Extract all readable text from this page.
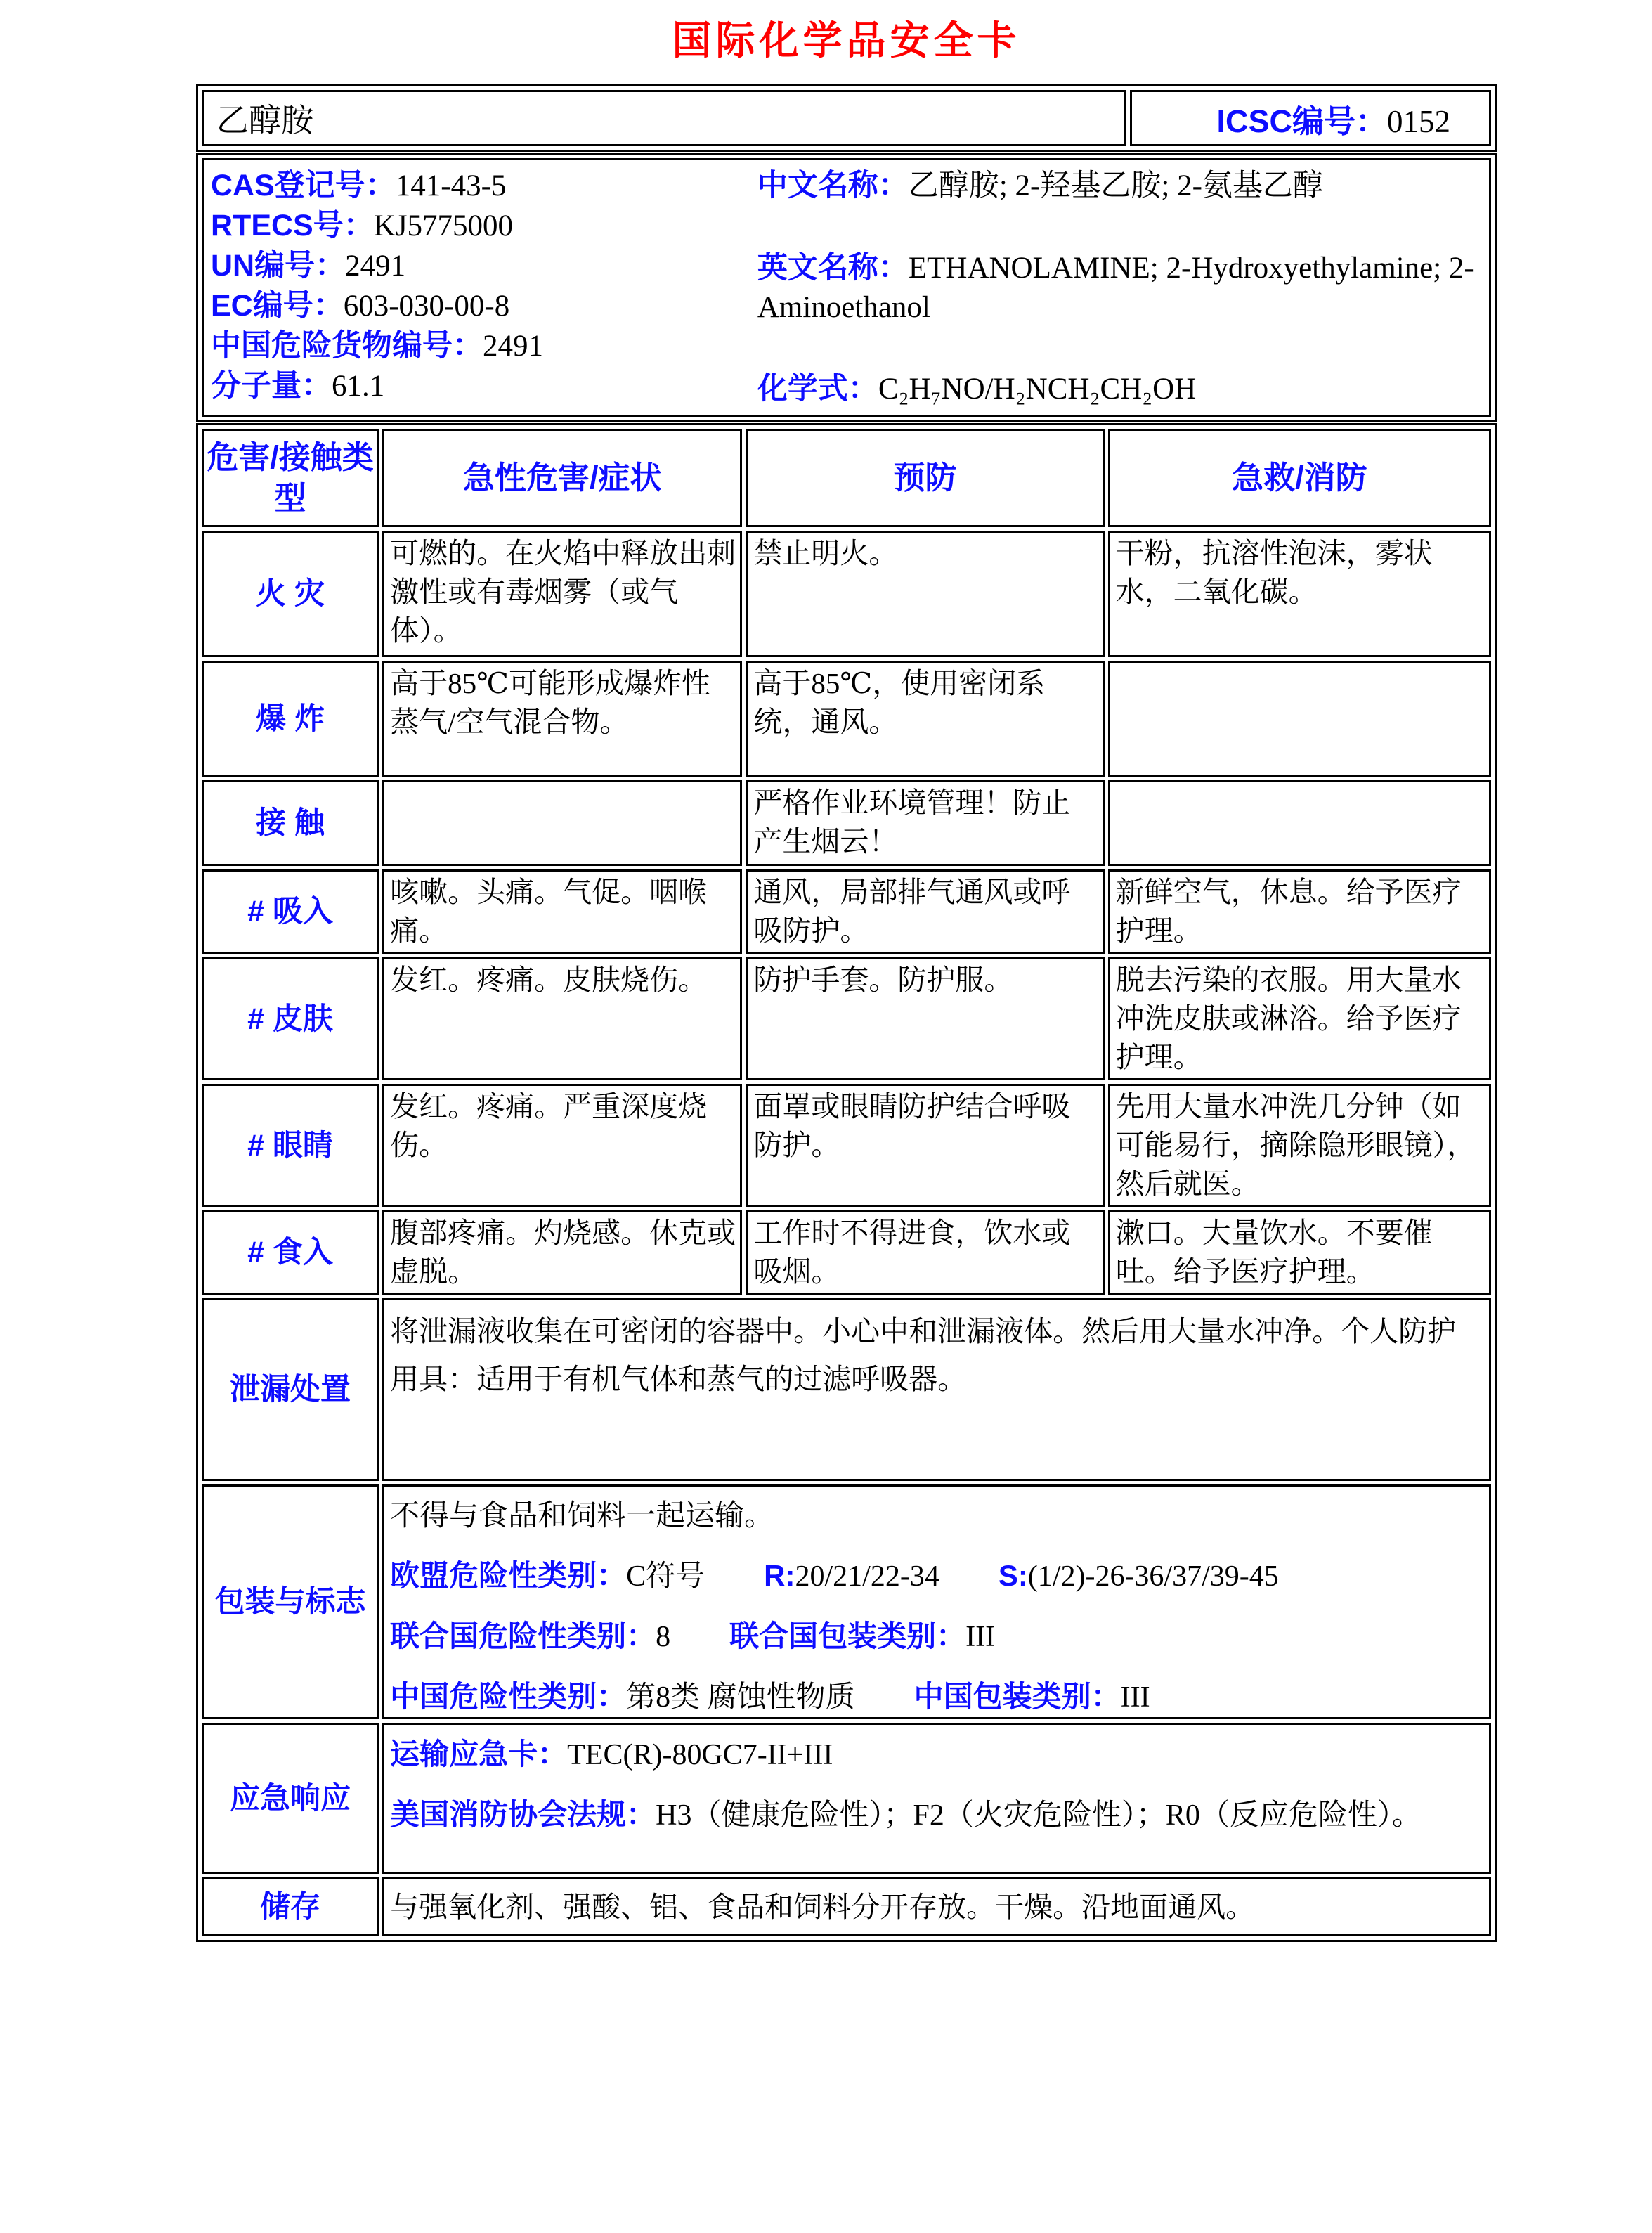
国际化学品安全卡
乙醇胺	ICSC编号：0152
CAS登记号：141-43-5
RTECS号：KJ5775000
UN编号：2491
EC编号：603-030-00-8
中国危险货物编号：2491
分子量：61.1
中文名称：乙醇胺; 2-羟基乙胺; 2-氨基乙醇
英文名称：ETHANOLAMINE; 2-Hydroxyethylamine; 2-Aminoethanol
化学式：C₂H₇NO/H₂NCH₂CH₂OH
危害/接触类型	急性危害/症状	预防	急救/消防
火 灾	可燃的。在火焰中释放出刺激性或有毒烟雾（或气体）。	禁止明火。	干粉，抗溶性泡沫，雾状水，二氧化碳。
爆 炸	高于85℃可能形成爆炸性蒸气/空气混合物。	高于85℃，使用密闭系统，通风。	
接 触		严格作业环境管理！防止产生烟云！	
# 吸入	咳嗽。头痛。气促。咽喉痛。	通风，局部排气通风或呼吸防护。	新鲜空气，休息。给予医疗护理。
# 皮肤	发红。疼痛。皮肤烧伤。	防护手套。防护服。	脱去污染的衣服。用大量水冲洗皮肤或淋浴。给予医疗护理。
# 眼睛	发红。疼痛。严重深度烧伤。	面罩或眼睛防护结合呼吸防护。	先用大量水冲洗几分钟（如可能易行，摘除隐形眼镜），然后就医。
# 食入	腹部疼痛。灼烧感。休克或虚脱。	工作时不得进食，饮水或吸烟。	漱口。大量饮水。不要催吐。给予医疗护理。
泄漏处置	将泄漏液收集在可密闭的容器中。小心中和泄漏液体。然后用大量水冲净。个人防护用具：适用于有机气体和蒸气的过滤呼吸器。		
包装与标志	不得与食品和饲料一起运输。
欧盟危险性类别：C符号　　R:20/21/22-34　　S:(1/2)-26-36/37/39-45
联合国危险性类别：8　　联合国包装类别：III
中国危险性类别：第8类 腐蚀性物质　　中国包装类别：III		

应急响应	运输应急卡：TEC(R)-80GC7-II+III
美国消防协会法规：H3（健康危险性）；F2（火灾危险性）；R0（反应危险性）。		

储存	与强氧化剂、强酸、铝、食品和饲料分开存放。干燥。沿地面通风。		
